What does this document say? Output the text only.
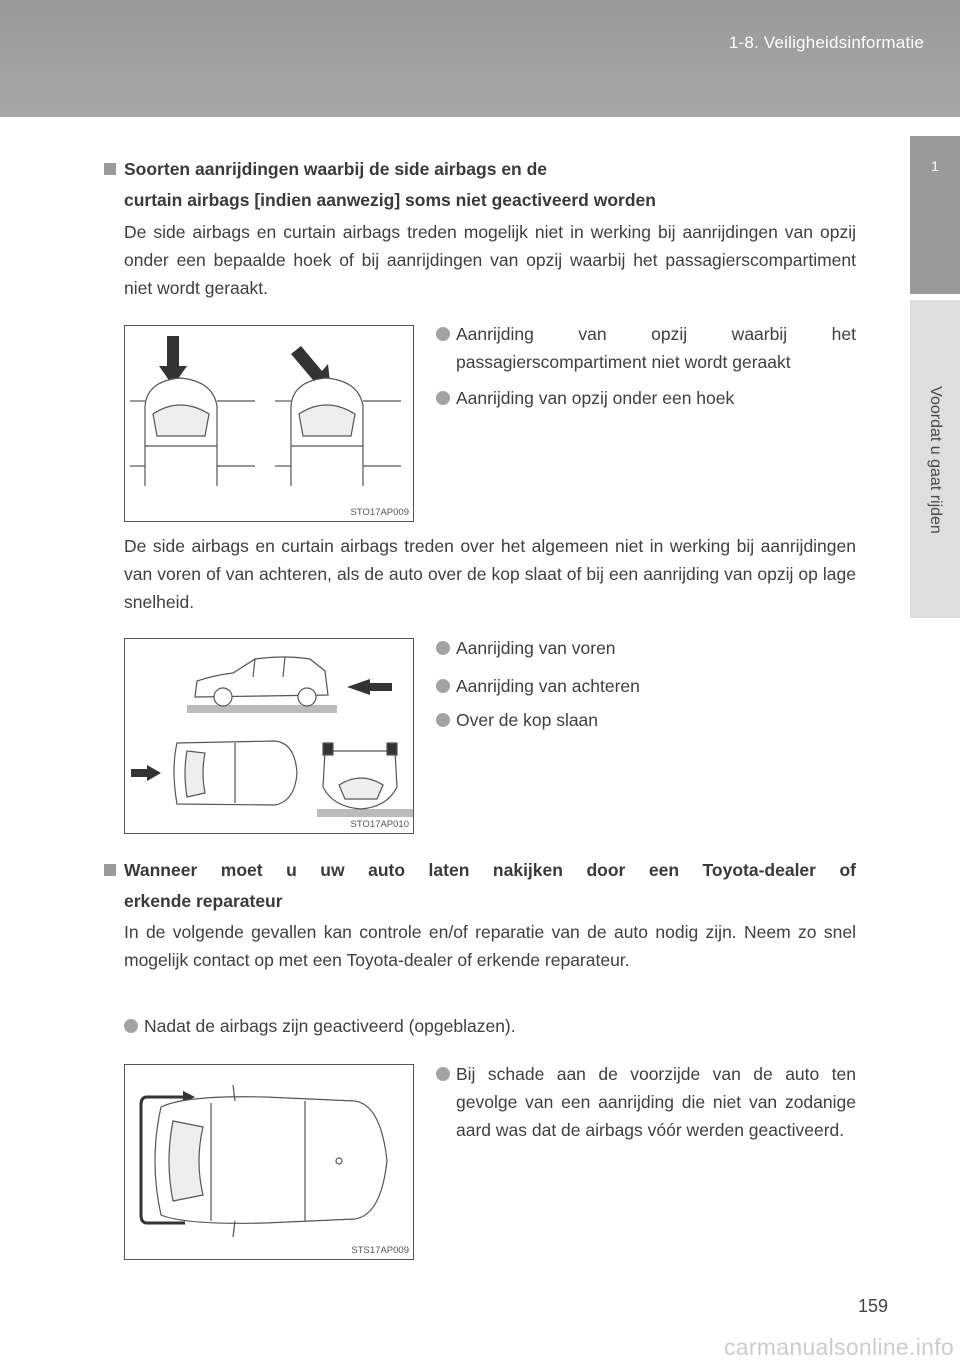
1-8. Veiligheidsinformatie
1
Voordat u gaat rijden
Soorten aanrijdingen waarbij de side airbags en de
curtain airbags [indien aanwezig] soms niet geactiveerd worden
De side airbags en curtain airbags treden mogelijk niet in werking bij aanrijdingen van opzij onder een bepaalde hoek of bij aanrijdingen van opzij waarbij het passagierscompartiment niet wordt geraakt.
STO17AP009
Aanrijding van opzij waarbij het passagierscompartiment niet wordt geraakt
Aanrijding van opzij onder een hoek
De side airbags en curtain airbags treden over het algemeen niet in werking bij aanrijdingen van voren of van achteren, als de auto over de kop slaat of bij een aanrijding van opzij op lage snelheid.
STO17AP010
Aanrijding van voren
Aanrijding van achteren
Over de kop slaan
Wanneer moet u uw auto laten nakijken door een Toyota-dealer of
erkende reparateur
In de volgende gevallen kan controle en/of reparatie van de auto nodig zijn. Neem zo snel mogelijk contact op met een Toyota-dealer of erkende reparateur.
Nadat de airbags zijn geactiveerd (opgeblazen).
STS17AP009
Bij schade aan de voorzijde van de auto ten gevolge van een aanrijding die niet van zodanige aard was dat de airbags vóór werden geactiveerd.
159
carmanualsonline.info
